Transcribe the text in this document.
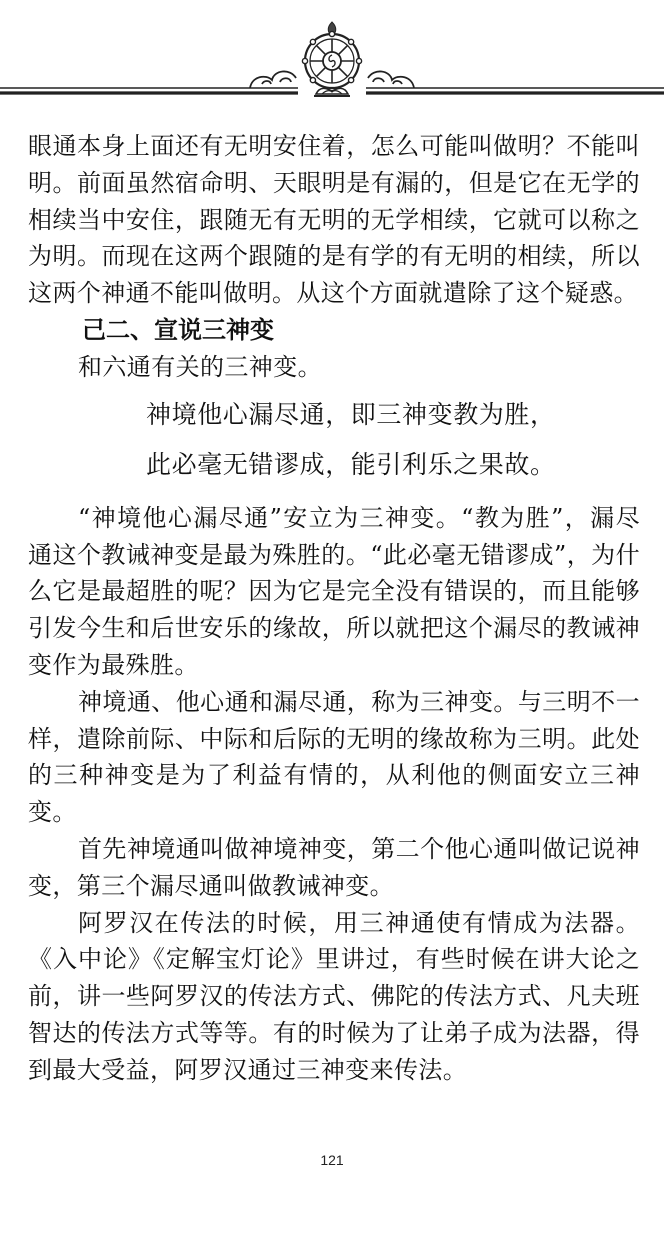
眼通本身上面还有无明安住着，怎么可能叫做明？不能叫明。前面虽然宿命明、天眼明是有漏的，但是它在无学的相续当中安住，跟随无有无明的无学相续，它就可以称之为明。而现在这两个跟随的是有学的有无明的相续，所以这两个神通不能叫做明。从这个方面就遣除了这个疑惑。

己二、宣说三神变

和六通有关的三神变。

神境他心漏尽通，即三神变教为胜，

此必毫无错谬成，能引利乐之果故。

“神境他心漏尽通”安立为三神变。“教为胜”，漏尽通这个教诫神变是最为殊胜的。“此必毫无错谬成”，为什么它是最超胜的呢？因为它是完全没有错误的，而且能够引发今生和后世安乐的缘故，所以就把这个漏尽的教诫神变作为最殊胜。

神境通、他心通和漏尽通，称为三神变。与三明不一样，遣除前际、中际和后际的无明的缘故称为三明。此处的三种神变是为了利益有情的，从利他的侧面安立三神变。

首先神境通叫做神境神变，第二个他心通叫做记说神变，第三个漏尽通叫做教诫神变。

阿罗汉在传法的时候，用三神通使有情成为法器。《入中论》《定解宝灯论》里讲过，有些时候在讲大论之前，讲一些阿罗汉的传法方式、佛陀的传法方式、凡夫班智达的传法方式等等。有的时候为了让弟子成为法器，得到最大受益，阿罗汉通过三神变来传法。

121
